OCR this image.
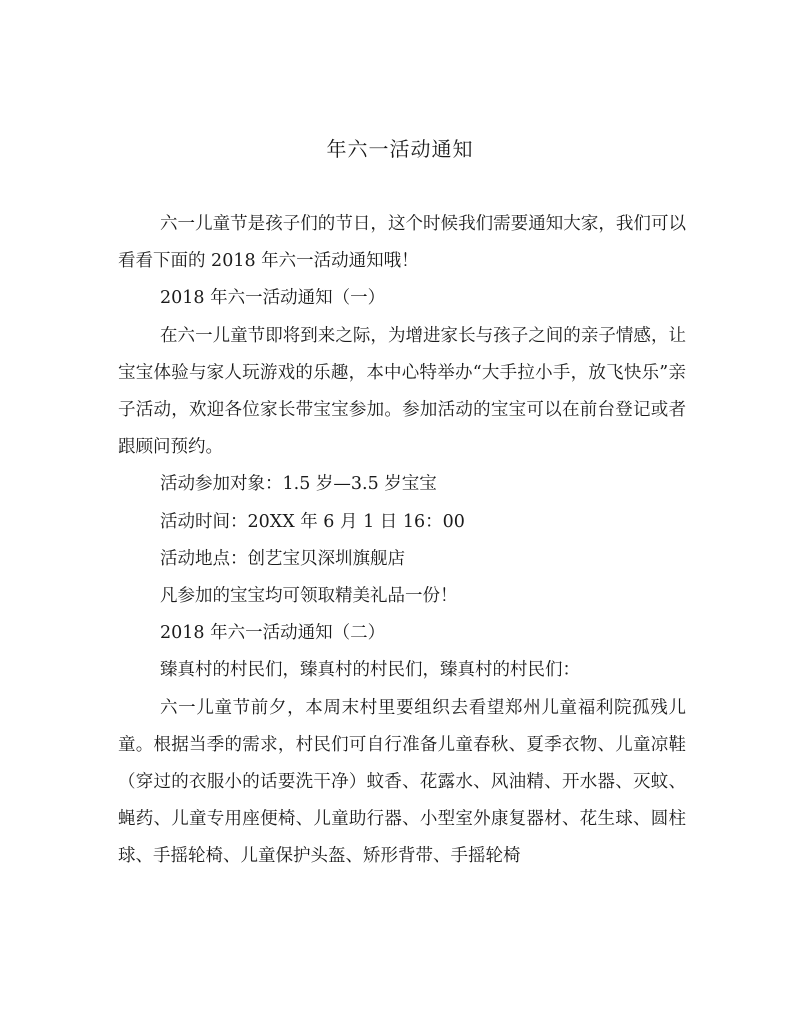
年六一活动通知

六一儿童节是孩子们的节日，这个时候我们需要通知大家，我们可以看看下面的 2018 年六一活动通知哦！

2018 年六一活动通知（一）

在六一儿童节即将到来之际，为增进家长与孩子之间的亲子情感，让宝宝体验与家人玩游戏的乐趣，本中心特举办“大手拉小手，放飞快乐”亲子活动，欢迎各位家长带宝宝参加。参加活动的宝宝可以在前台登记或者跟顾问预约。

活动参加对象：1.5 岁—3.5 岁宝宝

活动时间：20XX 年 6 月 1 日 16：00

活动地点：创艺宝贝深圳旗舰店

凡参加的宝宝均可领取精美礼品一份！

2018 年六一活动通知（二）

臻真村的村民们，臻真村的村民们，臻真村的村民们：

六一儿童节前夕，本周末村里要组织去看望郑州儿童福利院孤残儿童。根据当季的需求，村民们可自行准备儿童春秋、夏季衣物、儿童凉鞋（穿过的衣服小的话要洗干净）蚊香、花露水、风油精、开水器、灭蚊、蝇药、儿童专用座便椅、儿童助行器、小型室外康复器材、花生球、圆柱球、手摇轮椅、儿童保护头盔、矫形背带、手摇轮椅
